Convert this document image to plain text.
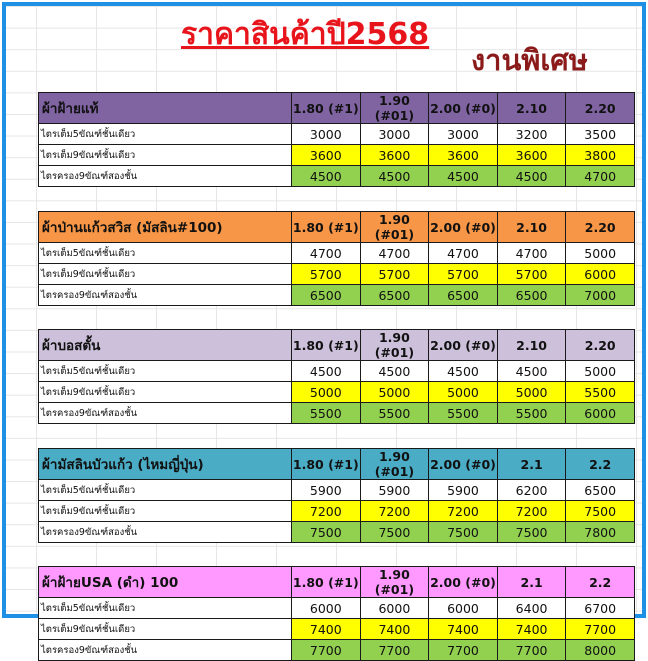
ราคาสินค้าปี2568
งานพิเศษ
ผ้าฝ้ายแท้	1.80 (#1)	1.90 (#01)	2.00 (#0)	2.10	2.20
ไตรเต็ม5ขัณฑ์ชั้นเดียว	3000	3000	3000	3200	3500
ไตรเต็ม9ขัณฑ์ชั้นเดียว	3600	3600	3600	3600	3800
ไตรครอง9ขัณฑ์สองชั้น	4500	4500	4500	4500	4700
ผ้าป่านแก้วสวิส (มัสลิน#100)	1.80 (#1)	1.90 (#01)	2.00 (#0)	2.10	2.20
ไตรเต็ม5ขัณฑ์ชั้นเดียว	4700	4700	4700	4700	5000
ไตรเต็ม9ขัณฑ์ชั้นเดียว	5700	5700	5700	5700	6000
ไตรครอง9ขัณฑ์สองชั้น	6500	6500	6500	6500	7000
ผ้าบอสตั้น	1.80 (#1)	1.90 (#01)	2.00 (#0)	2.10	2.20
ไตรเต็ม5ขัณฑ์ชั้นเดียว	4500	4500	4500	4500	5000
ไตรเต็ม9ขัณฑ์ชั้นเดียว	5000	5000	5000	5000	5500
ไตรครอง9ขัณฑ์สองชั้น	5500	5500	5500	5500	6000
ผ้ามัสลินบัวแก้ว (ไหมญี่ปุ่น)	1.80 (#1)	1.90 (#01)	2.00 (#0)	2.1	2.2
ไตรเต็ม5ขัณฑ์ชั้นเดียว	5900	5900	5900	6200	6500
ไตรเต็ม9ขัณฑ์ชั้นเดียว	7200	7200	7200	7200	7500
ไตรครอง9ขัณฑ์สองชั้น	7500	7500	7500	7500	7800
ผ้าฝ้ายUSA (ดำ) 100	1.80 (#1)	1.90 (#01)	2.00 (#0)	2.1	2.2
ไตรเต็ม5ขัณฑ์ชั้นเดียว	6000	6000	6000	6400	6700
ไตรเต็ม9ขัณฑ์ชั้นเดียว	7400	7400	7400	7400	7700
ไตรครอง9ขัณฑ์สองชั้น	7700	7700	7700	7700	8000
